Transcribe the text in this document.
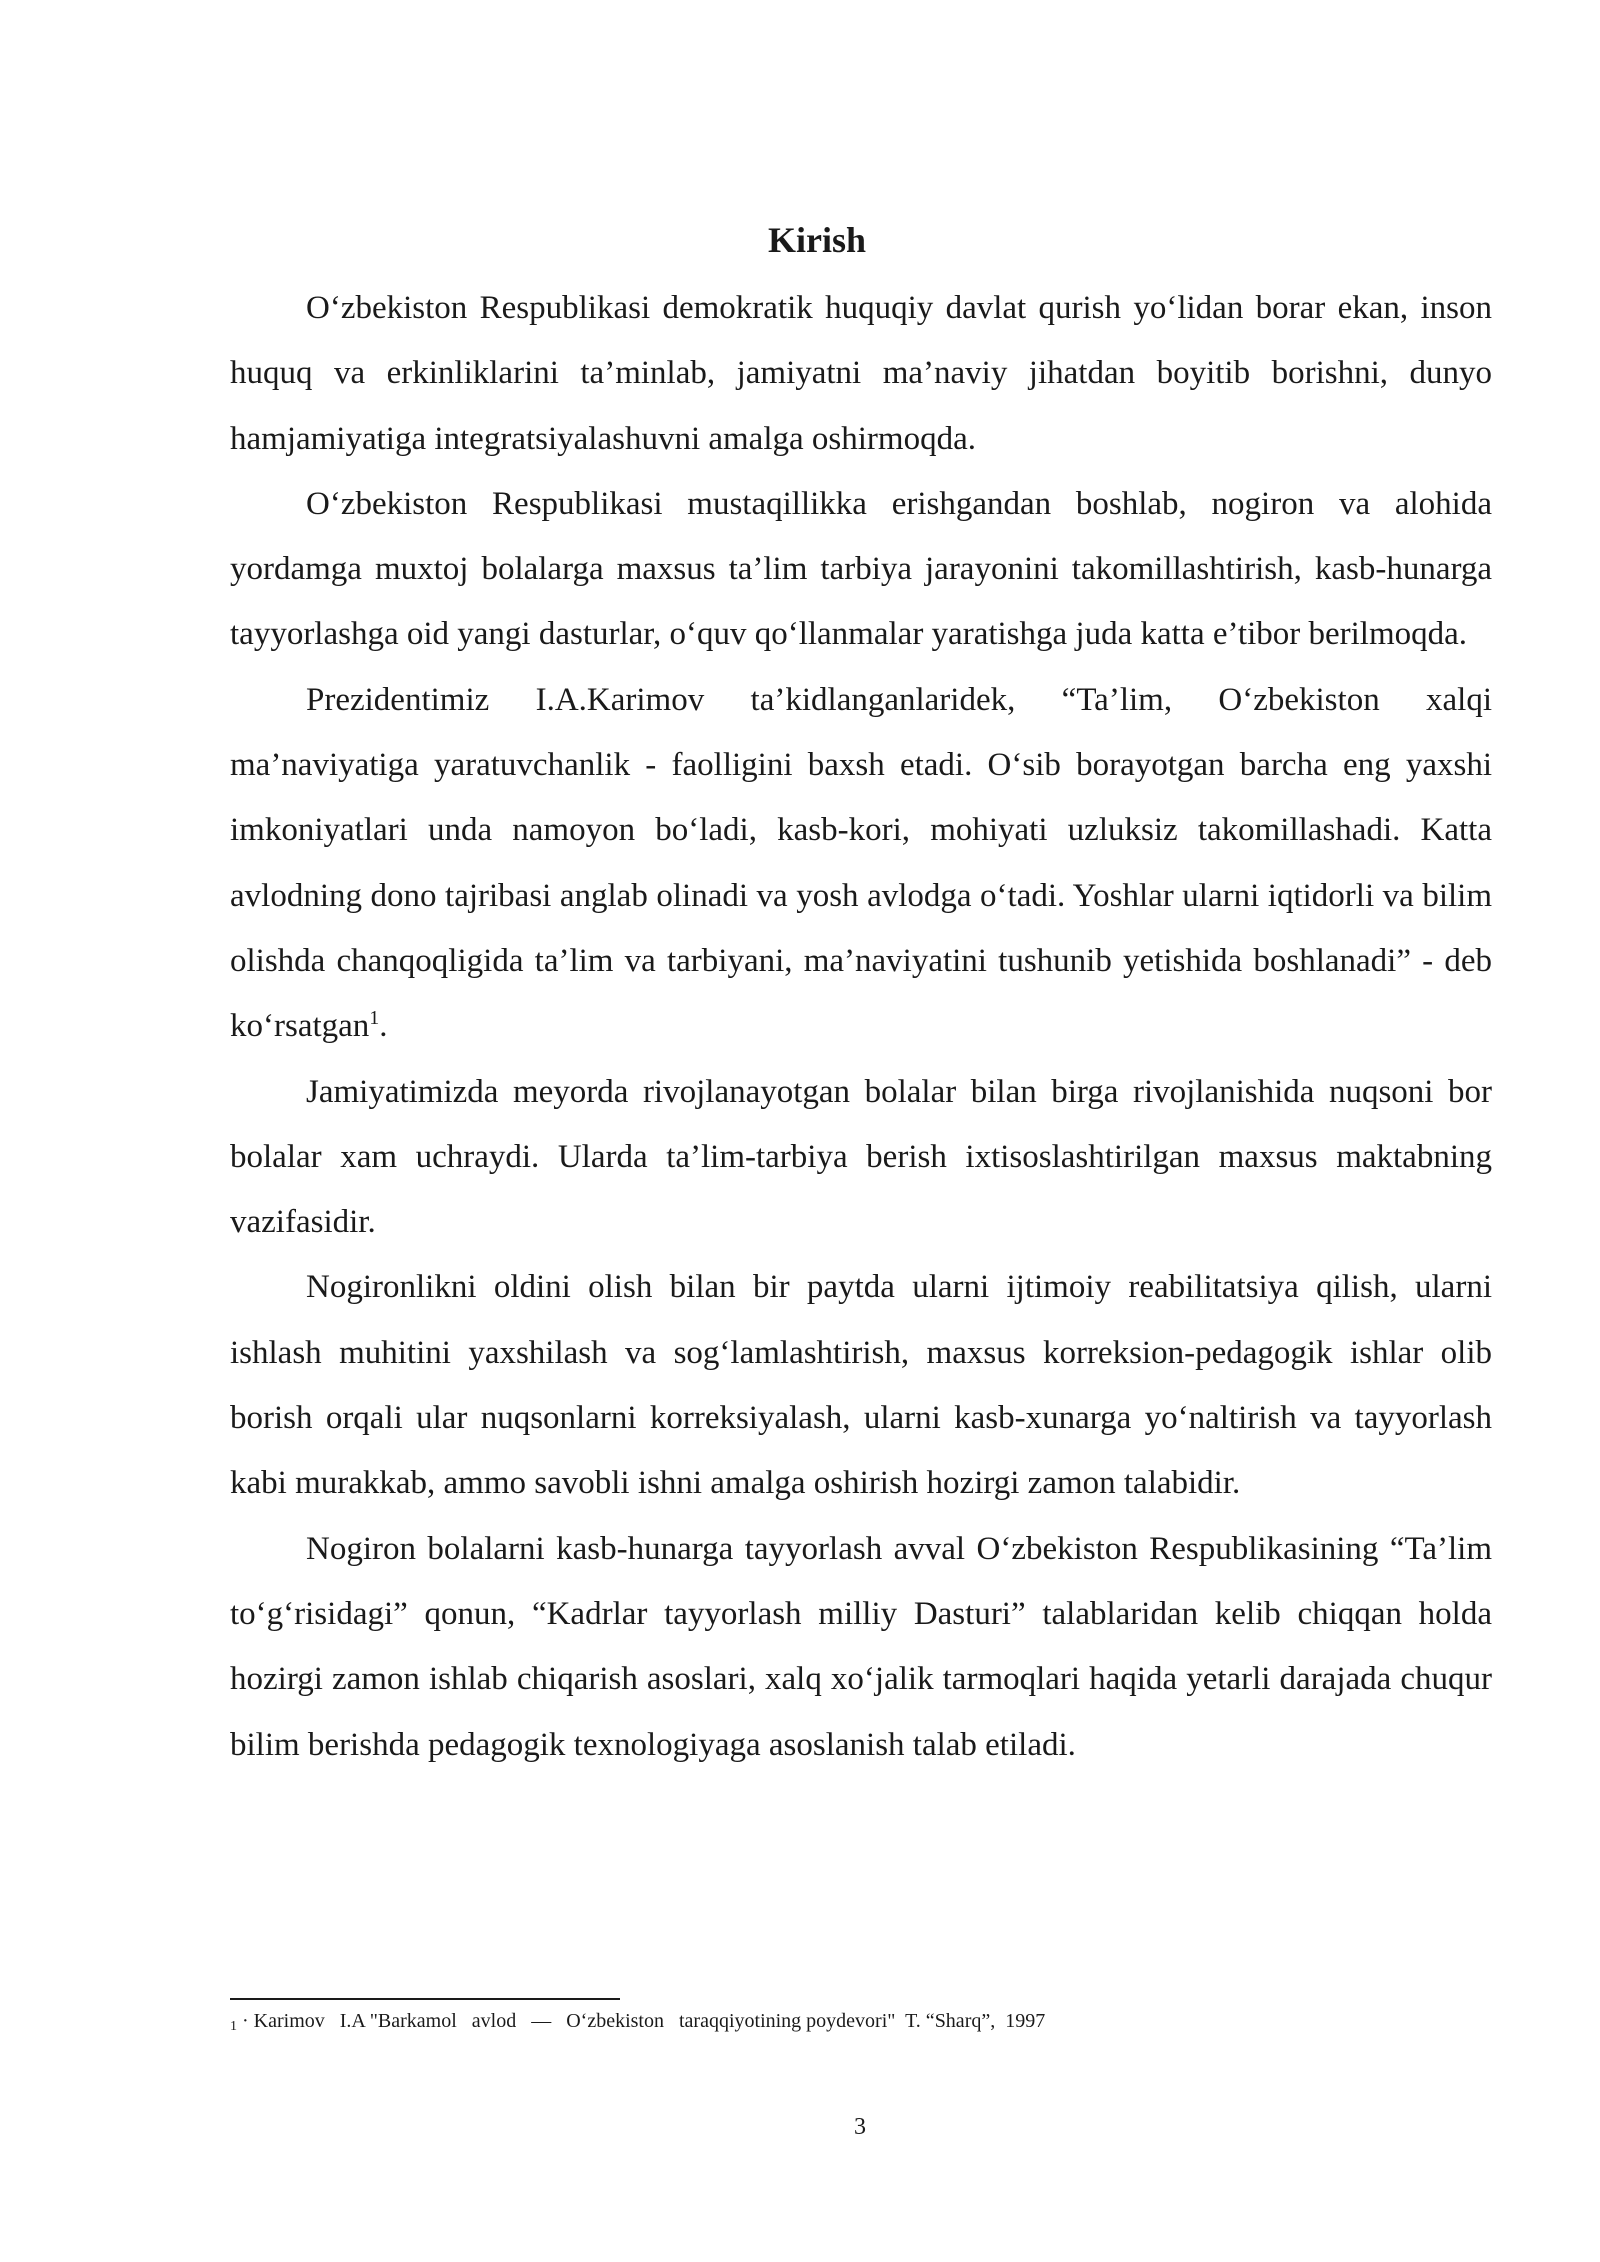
Kirish

O‘zbekiston Respublikasi demokratik huquqiy davlat qurish yo‘lidan borar ekan, inson huquq va erkinliklarini ta’minlab, jamiyatni ma’naviy jihatdan boyitib borishni, dunyo hamjamiyatiga integratsiyalashuvni amalga oshirmoqda.

O‘zbekiston Respublikasi mustaqillikka erishgandan boshlab, nogiron va alohida yordamga muxtoj bolalarga maxsus ta’lim tarbiya jarayonini takomillashtirish, kasb-hunarga tayyorlashga oid yangi dasturlar, o‘quv qo‘llanmalar yaratishga juda katta e’tibor berilmoqda.

Prezidentimiz I.A.Karimov ta’kidlanganlaridek, “Ta’lim, O‘zbekiston xalqi ma’naviyatiga yaratuvchanlik - faolligini baxsh etadi. O‘sib borayotgan barcha eng yaxshi imkoniyatlari unda namoyon bo‘ladi, kasb-kori, mohiyati uzluksiz takomillashadi. Katta avlodning dono tajribasi anglab olinadi va yosh avlodga o‘tadi. Yoshlar ularni iqtidorli va bilim olishda chanqoqligida ta’lim va tarbiyani, ma’naviyatini tushunib yetishida boshlanadi” - deb ko‘rsatgan$^1$.

Jamiyatimizda meyorda rivojlanayotgan bolalar bilan birga rivojlanishida nuqsoni bor bolalar xam uchraydi. Ularda ta’lim-tarbiya berish ixtisoslashtirilgan maxsus maktabning vazifasidir.

Nogironlikni oldini olish bilan bir paytda ularni ijtimoiy reabilitatsiya qilish, ularni ishlash muhitini yaxshilash va sog‘lamlashtirish, maxsus korreksion-pedagogik ishlar olib borish orqali ular nuqsonlarni korreksiyalash, ularni kasb-xunarga yo‘naltirish va tayyorlash kabi murakkab, ammo savobli ishni amalga oshirish hozirgi zamon talabidir.

Nogiron bolalarni kasb-hunarga tayyorlash avval O‘zbekiston Respublikasining “Ta’lim to‘g‘risidagi” qonun, “Kadrlar tayyorlash milliy Dasturi” talablaridan kelib chiqqan holda hozirgi zamon ishlab chiqarish asoslari, xalq xo‘jalik tarmoqlari haqida yetarli darajada chuqur bilim berishda pedagogik texnologiyaga asoslanish talab etiladi.

1 · Karimov   I.A "Barkamol   avlod   —   O‘zbekiston   taraqqiyotining poydevori"  T. “Sharq”,  1997
3
